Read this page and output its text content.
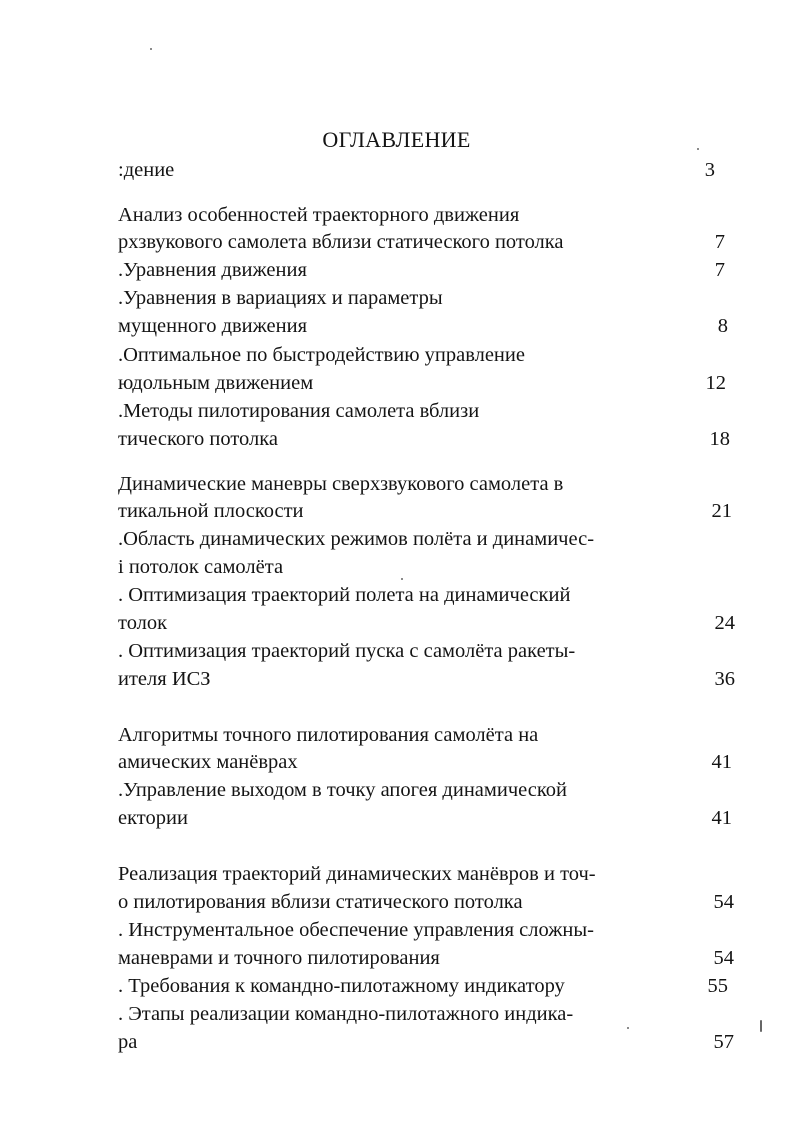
ОГЛАВЛЕНИЕ
:дение	3
Анализ особенностей траекторного движения
рхзвукового самолета вблизи статического потолка	7
.Уравнения движения	7
.Уравнения в вариациях и параметры
мущенного движения	8
.Оптимальное по быстродействию управление
юдольным движением	12
.Методы пилотирования самолета вблизи
тического потолка	18
Динамические маневры сверхзвукового самолета в
тикальной плоскости	21
.Область динамических режимов полёта и динамичес-
і потолок самолёта
. Оптимизация траекторий полета на динамический
толок	24
. Оптимизация траекторий пуска с самолёта ракеты-
ителя ИСЗ	36
Алгоритмы точного пилотирования самолёта на
амических манёврах	41
.Управление выходом в точку апогея динамической
ектории	41
Реализация траекторий динамических манёвров и точ-
о пилотирования вблизи статического потолка	54
. Инструментальное обеспечение управления сложны-
маневрами и точного пилотирования	54
. Требования к командно-пилотажному индикатору	55
. Этапы реализации командно-пилотажного индика-
ра	57
